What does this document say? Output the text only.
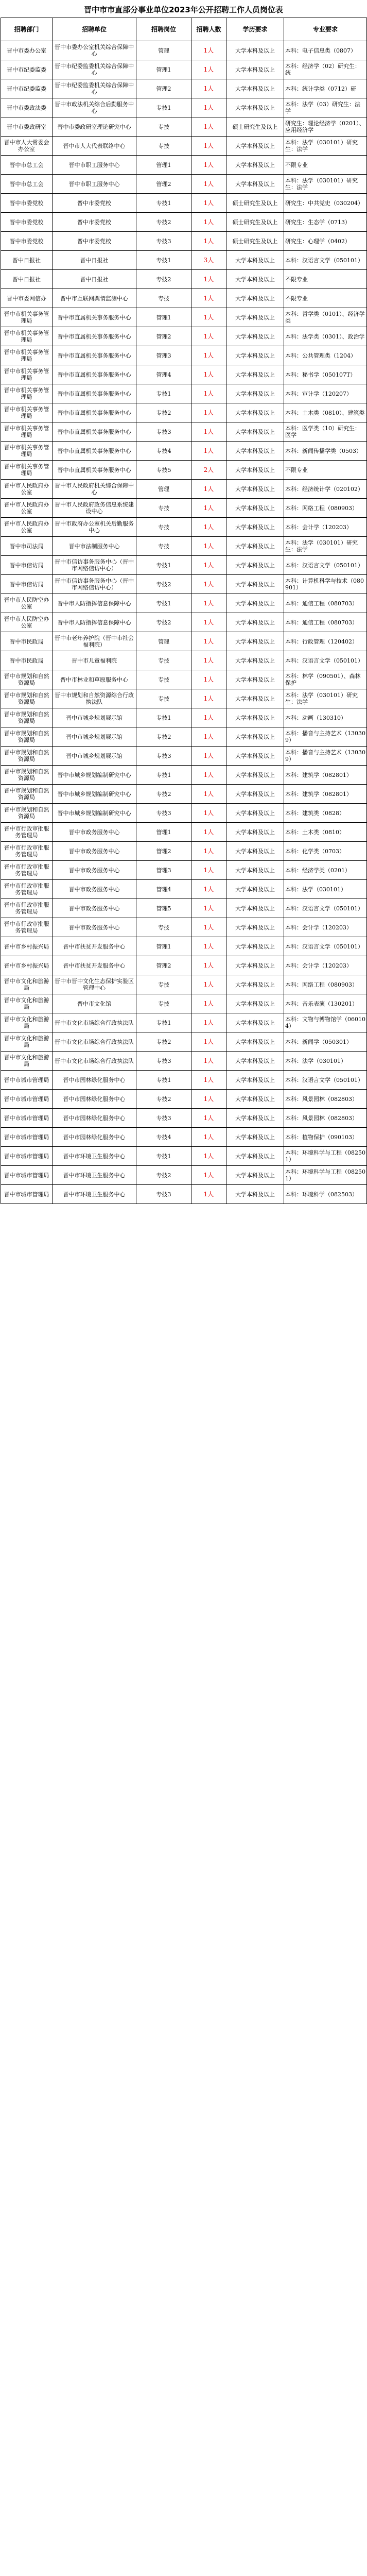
晋中市市直部分事业单位2023年公开招聘工作人员岗位表
招聘部门	招聘单位	招聘岗位	招聘人数	学历要求	专业要求
晋中市委办公室	晋中市委办公室机关综合保障中心	管理	1人	大学本科及以上	本科：电子信息类（0807）
晋中市纪委监委	晋中市纪委监委机关综合保障中心	管理1	1人	大学本科及以上	本科：经济学（02）研究生：统
晋中市纪委监委	晋中市纪委监委机关综合保障中心	管理2	1人	大学本科及以上	本科：统计学类（0712）研
晋中市委政法委	晋中市政法机关综合后勤服务中心	专技1	1人	大学本科及以上	本科：法学（03）研究生：法学
晋中市委政研室	晋中市委政研室理论研究中心	专技	1人	硕士研究生及以上	研究生：理论经济学（0201）、应用经济学
晋中市人大常委会办公室	晋中市人大代表联络中心	专技	1人	大学本科及以上	本科：法学（030101）研究生：法学
晋中市总工会	晋中市职工服务中心	管理1	1人	大学本科及以上	不限专业
晋中市总工会	晋中市职工服务中心	管理2	1人	大学本科及以上	本科：法学（030101）研究生：法学
晋中市委党校	晋中市委党校	专技1	1人	硕士研究生及以上	研究生：中共党史（030204）
晋中市委党校	晋中市委党校	专技2	1人	硕士研究生及以上	研究生：生态学（0713）
晋中市委党校	晋中市委党校	专技3	1人	硕士研究生及以上	研究生：心理学（0402）
晋中日报社	晋中日报社	专技1	3人	大学本科及以上	本科：汉语言文学（050101）
晋中日报社	晋中日报社	专技2	1人	大学本科及以上	不限专业
晋中市委网信办	晋中市互联网舆情监测中心	专技	1人	大学本科及以上	不限专业
晋中市机关事务管理局	晋中市直属机关事务服务中心	管理1	1人	大学本科及以上	本科：哲学类（0101）、经济学类
晋中市机关事务管理局	晋中市直属机关事务服务中心	管理2	1人	大学本科及以上	本科：法学类（0301）、政治学
晋中市机关事务管理局	晋中市直属机关事务服务中心	管理3	1人	大学本科及以上	本科：公共管理类（1204）
晋中市机关事务管理局	晋中市直属机关事务服务中心	管理4	1人	大学本科及以上	本科：秘书学（050107T）
晋中市机关事务管理局	晋中市直属机关事务服务中心	专技1	1人	大学本科及以上	本科：审计学（120207）
晋中市机关事务管理局	晋中市直属机关事务服务中心	专技2	1人	大学本科及以上	本科：土木类（0810）、建筑类
晋中市机关事务管理局	晋中市直属机关事务服务中心	专技3	1人	大学本科及以上	本科：医学类（10）研究生：医学
晋中市机关事务管理局	晋中市直属机关事务服务中心	专技4	1人	大学本科及以上	本科：新闻传播学类（0503）
晋中市机关事务管理局	晋中市直属机关事务服务中心	专技5	2人	大学本科及以上	不限专业
晋中市人民政府办公室	晋中市人民政府机关综合保障中心	管理	1人	大学本科及以上	本科：经济统计学（020102）
晋中市人民政府办公室	晋中市人民政府政务信息系统建设中心	专技	1人	大学本科及以上	本科：网络工程（080903）
晋中市人民政府办公室	晋中市政府办公室机关后勤服务中心	专技	1人	大学本科及以上	本科：会计学（120203）
晋中市司法局	晋中市法制服务中心	专技	1人	大学本科及以上	本科：法学（030101）研究生：法学
晋中市信访局	晋中市信访事务服务中心（晋中市网络信访中心）	专技1	1人	大学本科及以上	本科：汉语言文学（050101）
晋中市信访局	晋中市信访事务服务中心（晋中市网络信访中心）	专技2	1人	大学本科及以上	本科：计算机科学与技术（080901）
晋中市人民防空办公室	晋中市人防指挥信息保障中心	专技1	1人	大学本科及以上	本科：通信工程（080703）
晋中市人民防空办公室	晋中市人防指挥信息保障中心	专技2	1人	大学本科及以上	本科：通信工程（080703）
晋中市民政局	晋中市老年养护院（晋中市社会福利院）	管理	1人	大学本科及以上	本科：行政管理（120402）
晋中市民政局	晋中市儿童福利院	专技	1人	大学本科及以上	本科：汉语言文学（050101）
晋中市规划和自然资源局	晋中市林业和草原服务中心	专技	1人	大学本科及以上	本科：林学（090501）、森林保护
晋中市规划和自然资源局	晋中市规划和自然资源综合行政执法队	专技	1人	大学本科及以上	本科：法学（030101）研究生：法学
晋中市规划和自然资源局	晋中市城乡规划展示馆	专技1	1人	大学本科及以上	本科：动画（130310）
晋中市规划和自然资源局	晋中市城乡规划展示馆	专技2	1人	大学本科及以上	本科：播音与主持艺术（130309）
晋中市规划和自然资源局	晋中市城乡规划展示馆	专技3	1人	大学本科及以上	本科：播音与主持艺术（130309）
晋中市规划和自然资源局	晋中市城乡规划编制研究中心	专技1	1人	大学本科及以上	本科：建筑学（082801）
晋中市规划和自然资源局	晋中市城乡规划编制研究中心	专技2	1人	大学本科及以上	本科：建筑学（082801）
晋中市规划和自然资源局	晋中市城乡规划编制研究中心	专技3	1人	大学本科及以上	本科：建筑类（0828）
晋中市行政审批服务管理局	晋中市政务服务中心	管理1	1人	大学本科及以上	本科：土木类（0810）
晋中市行政审批服务管理局	晋中市政务服务中心	管理2	1人	大学本科及以上	本科：化学类（0703）
晋中市行政审批服务管理局	晋中市政务服务中心	管理3	1人	大学本科及以上	本科：经济学类（0201）
晋中市行政审批服务管理局	晋中市政务服务中心	管理4	1人	大学本科及以上	本科：法学（030101）
晋中市行政审批服务管理局	晋中市政务服务中心	管理5	1人	大学本科及以上	本科：汉语言文学（050101）
晋中市行政审批服务管理局	晋中市政务服务中心	专技	1人	大学本科及以上	本科：会计学（120203）
晋中市乡村振兴局	晋中市扶贫开发服务中心	管理1	1人	大学本科及以上	本科：汉语言文学（050101）
晋中市乡村振兴局	晋中市扶贫开发服务中心	管理2	1人	大学本科及以上	本科：会计学（120203）
晋中市文化和旅游局	晋中市晋中文化生态保护实验区管理中心	专技	1人	大学本科及以上	本科：网络工程（080903）
晋中市文化和旅游局	晋中市文化馆	专技	1人	大学本科及以上	本科：音乐表演（130201）
晋中市文化和旅游局	晋中市文化市场综合行政执法队	专技1	1人	大学本科及以上	本科：文物与博物馆学（060104）
晋中市文化和旅游局	晋中市文化市场综合行政执法队	专技2	1人	大学本科及以上	本科：新闻学（050301）
晋中市文化和旅游局	晋中市文化市场综合行政执法队	专技3	1人	大学本科及以上	本科：法学（030101）
晋中市城市管理局	晋中市园林绿化服务中心	专技1	1人	大学本科及以上	本科：汉语言文学（050101）
晋中市城市管理局	晋中市园林绿化服务中心	专技2	1人	大学本科及以上	本科：风景园林（082803）
晋中市城市管理局	晋中市园林绿化服务中心	专技3	1人	大学本科及以上	本科：风景园林（082803）
晋中市城市管理局	晋中市园林绿化服务中心	专技4	1人	大学本科及以上	本科：植物保护（090103）
晋中市城市管理局	晋中市环境卫生服务中心	专技1	1人	大学本科及以上	本科：环境科学与工程（082501）
晋中市城市管理局	晋中市环境卫生服务中心	专技2	1人	大学本科及以上	本科：环境科学与工程（082501）
晋中市城市管理局	晋中市环境卫生服务中心	专技3	1人	大学本科及以上	本科：环境科学（082503）
